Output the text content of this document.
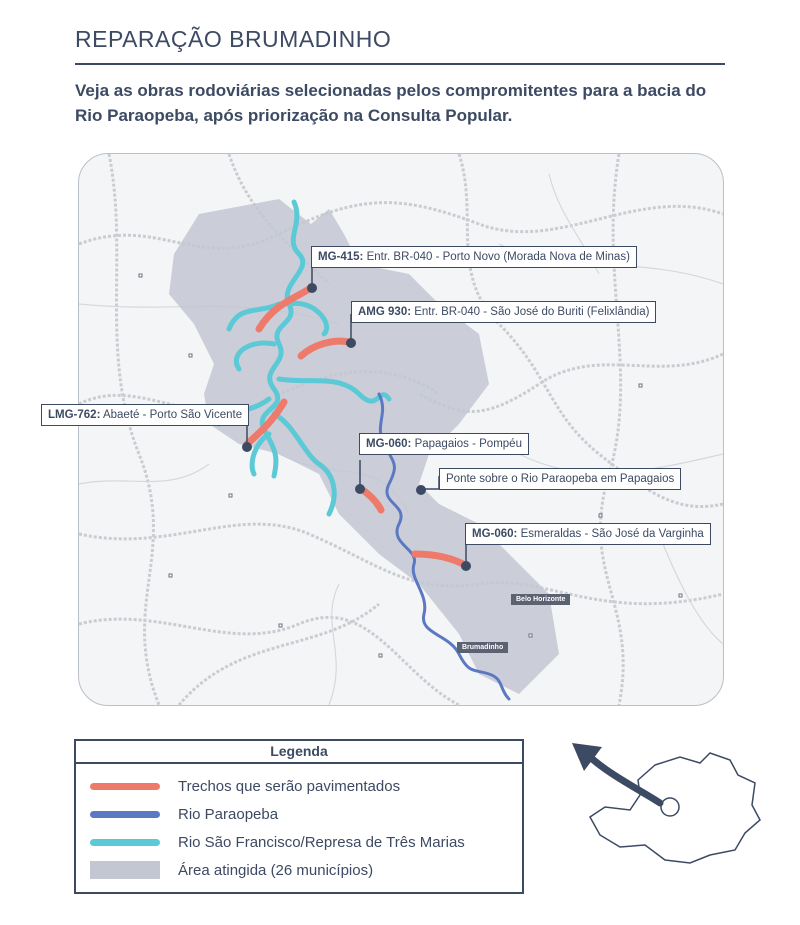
REPARAÇÃO BRUMADINHO
Veja as obras rodoviárias selecionadas pelos compromitentes para a bacia do Rio Paraopeba, após priorização na Consulta Popular.
MG-415: Entr. BR-040 - Porto Novo (Morada Nova de Minas)
AMG 930: Entr. BR-040 - São José do Buriti (Felixlândia)
LMG-762: Abaeté - Porto São Vicente
MG-060: Papagaios - Pompéu
Ponte sobre o Rio Paraopeba em Papagaios
MG-060: Esmeraldas - São José da Varginha
Belo Horizonte
Brumadinho
Legenda
Trechos que serão pavimentados
Rio Paraopeba
Rio São Francisco/Represa de Três Marias
Área atingida (26 municípios)
